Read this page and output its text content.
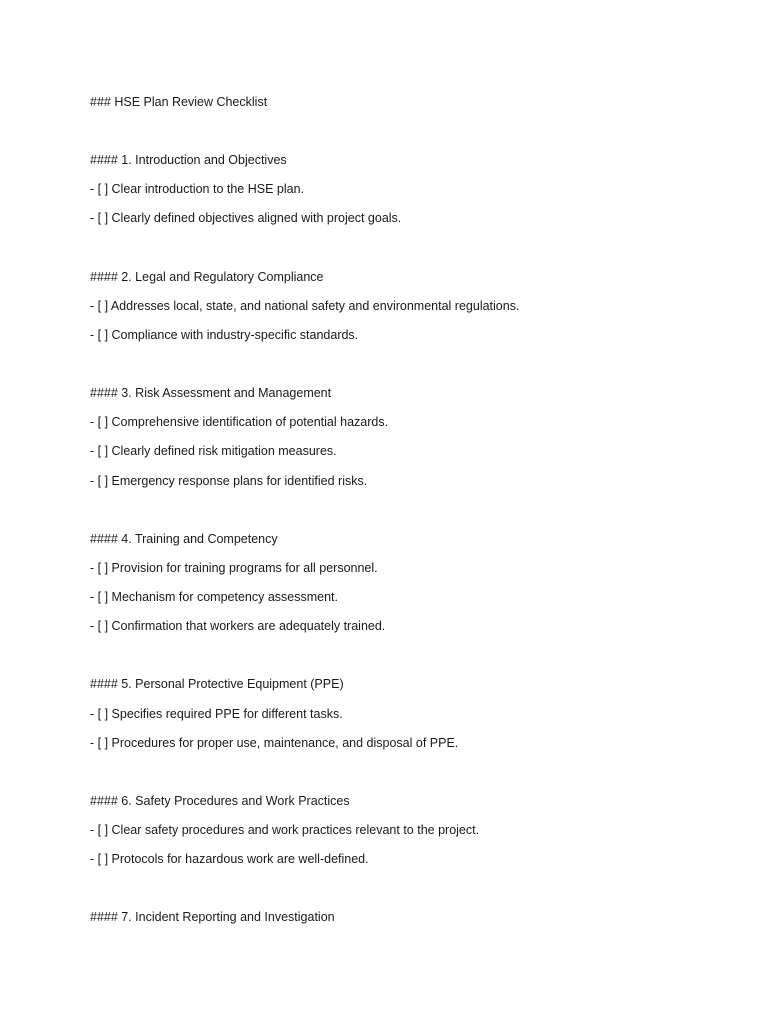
### HSE Plan Review Checklist
#### 1. Introduction and Objectives
- [ ] Clear introduction to the HSE plan.
- [ ] Clearly defined objectives aligned with project goals.
#### 2. Legal and Regulatory Compliance
- [ ] Addresses local, state, and national safety and environmental regulations.
- [ ] Compliance with industry-specific standards.
#### 3. Risk Assessment and Management
- [ ] Comprehensive identification of potential hazards.
- [ ] Clearly defined risk mitigation measures.
- [ ] Emergency response plans for identified risks.
#### 4. Training and Competency
- [ ] Provision for training programs for all personnel.
- [ ] Mechanism for competency assessment.
- [ ] Confirmation that workers are adequately trained.
#### 5. Personal Protective Equipment (PPE)
- [ ] Specifies required PPE for different tasks.
- [ ] Procedures for proper use, maintenance, and disposal of PPE.
#### 6. Safety Procedures and Work Practices
- [ ] Clear safety procedures and work practices relevant to the project.
- [ ] Protocols for hazardous work are well-defined.
#### 7. Incident Reporting and Investigation
